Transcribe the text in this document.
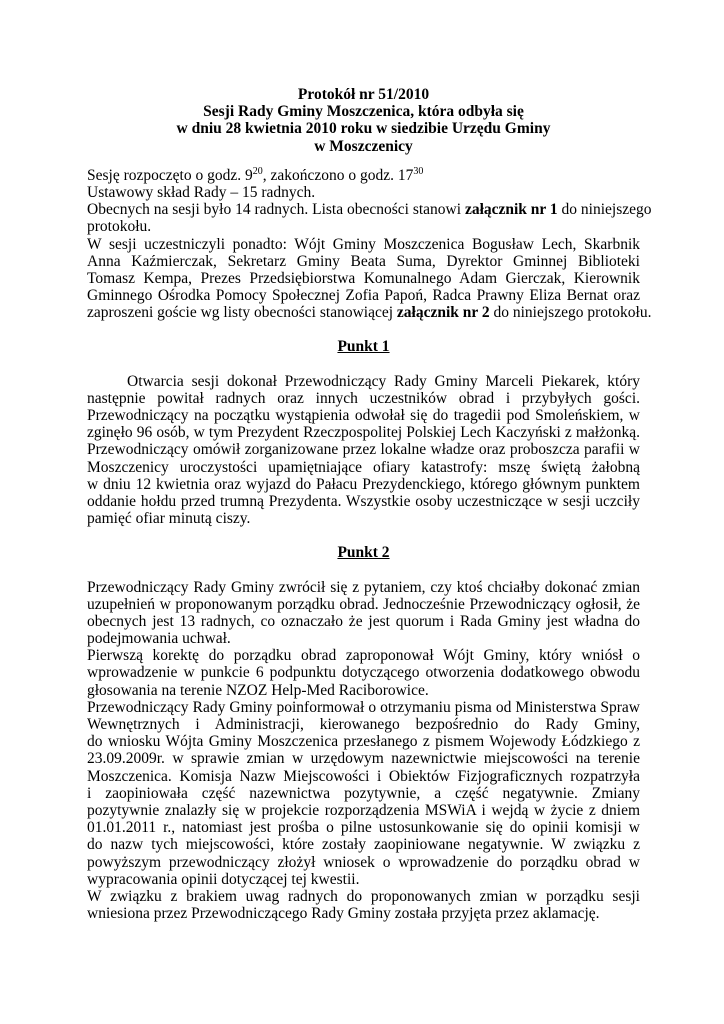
Protokół nr 51/2010
Sesji Rady Gminy Moszczenica, która odbyła się
w dniu 28 kwietnia 2010 roku w siedzibie Urzędu Gminy
w Moszczenicy
Sesję rozpoczęto o godz. $9^{20}$, zakończono o godz. $17^{30}$
Ustawowy skład Rady – 15 radnych.
Obecnych na sesji było 14 radnych. Lista obecności stanowi załącznik nr 1 do niniejszego
protokołu.
W sesji uczestniczyli ponadto: Wójt Gminy Moszczenica Bogusław Lech, Skarbnik
Anna Kaźmierczak, Sekretarz Gminy Beata Suma, Dyrektor Gminnej Biblioteki
Tomasz Kempa, Prezes Przedsiębiorstwa Komunalnego Adam Gierczak, Kierownik
Gminnego Ośrodka Pomocy Społecznej Zofia Papoń, Radca Prawny Eliza Bernat oraz
zaproszeni goście wg listy obecności stanowiącej załącznik nr 2 do niniejszego protokołu.
Punkt 1
Otwarcia sesji dokonał Przewodniczący Rady Gminy Marceli Piekarek, który
następnie powitał radnych oraz innych uczestników obrad i przybyłych gości.
Przewodniczący na początku wystąpienia odwołał się do tragedii pod Smoleńskiem, w
zginęło 96 osób, w tym Prezydent Rzeczpospolitej Polskiej Lech Kaczyński z małżonką.
Przewodniczący omówił zorganizowane przez lokalne władze oraz proboszcza parafii w
Moszczenicy uroczystości upamiętniające ofiary katastrofy: mszę świętą żałobną
w dniu 12 kwietnia oraz wyjazd do Pałacu Prezydenckiego, którego głównym punktem
oddanie hołdu przed trumną Prezydenta. Wszystkie osoby uczestniczące w sesji uczciły
pamięć ofiar minutą ciszy.
Punkt 2
Przewodniczący Rady Gminy zwrócił się z pytaniem, czy ktoś chciałby dokonać zmian
uzupełnień w proponowanym porządku obrad. Jednocześnie Przewodniczący ogłosił, że
obecnych jest 13 radnych, co oznaczało że jest quorum i Rada Gminy jest władna do
podejmowania uchwał.
Pierwszą korektę do porządku obrad zaproponował Wójt Gminy, który wniósł o
wprowadzenie w punkcie 6 podpunktu dotyczącego otworzenia dodatkowego obwodu
głosowania na terenie NZOZ Help-Med Raciborowice.
Przewodniczący Rady Gminy poinformował o otrzymaniu pisma od Ministerstwa Spraw
Wewnętrznych i Administracji, kierowanego bezpośrednio do Rady Gminy,
do wniosku Wójta Gminy Moszczenica przesłanego z pismem Wojewody Łódzkiego z
23.09.2009r. w sprawie zmian w urzędowym nazewnictwie miejscowości na terenie
Moszczenica. Komisja Nazw Miejscowości i Obiektów Fizjograficznych rozpatrzyła
i zaopiniowała część nazewnictwa pozytywnie, a część negatywnie. Zmiany
pozytywnie znalazły się w projekcie rozporządzenia MSWiA i wejdą w życie z dniem
01.01.2011 r., natomiast jest prośba o pilne ustosunkowanie się do opinii komisji w
do nazw tych miejscowości, które zostały zaopiniowane negatywnie. W związku z
powyższym przewodniczący złożył wniosek o wprowadzenie do porządku obrad w
wypracowania opinii dotyczącej tej kwestii.
W związku z brakiem uwag radnych do proponowanych zmian w porządku sesji
wniesiona przez Przewodniczącego Rady Gminy została przyjęta przez aklamację.
